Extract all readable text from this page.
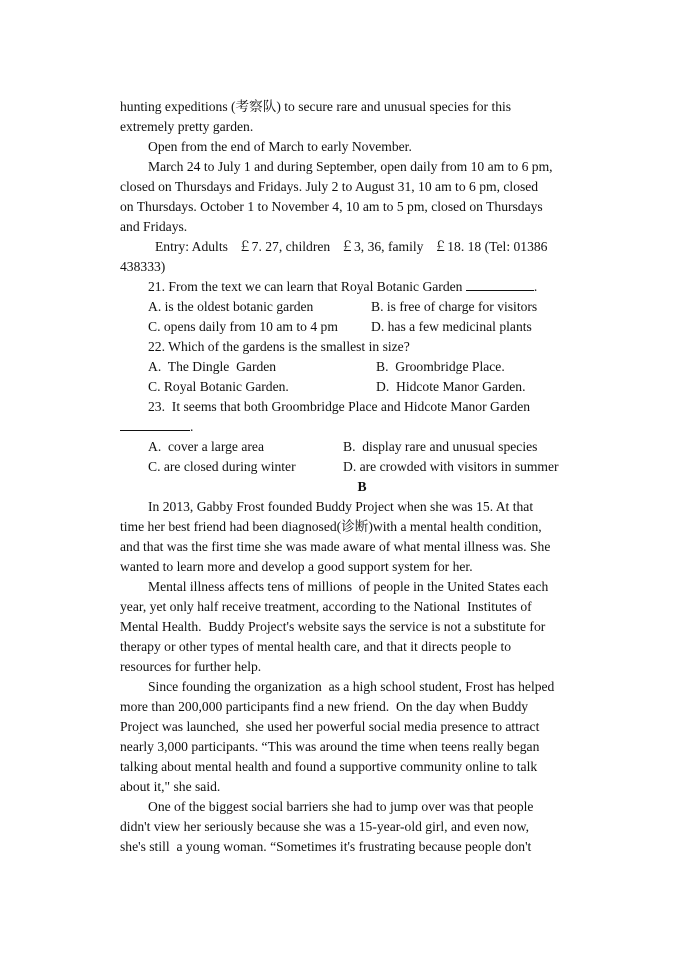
hunting expeditions (考察队) to secure rare and unusual species for this
extremely pretty garden.
Open from the end of March to early November.
March 24 to July 1 and during September, open daily from 10 am to 6 pm,
closed on Thursdays and Fridays. July 2 to August 31, 10 am to 6 pm, closed
on Thursdays. October 1 to November 4, 10 am to 5 pm, closed on Thursdays
and Fridays.
Entry: Adults   ￡7. 27, children   ￡3, 36, family   ￡18. 18 (Tel: 01386
438333)
21. From the text we can learn that Royal Botanic Garden	.
A. is the oldest botanic garden	B. is free of charge for visitors
C. opens daily from 10 am to 4 pm D. has a few medicinal plants
22. Which of the gardens is the smallest in size?
A.  The Dingle  Garden	B.  Groombridge Place.
C. Royal Botanic Garden.	D.  Hidcote Manor Garden.
23.  It seems that both Groombridge Place and Hidcote Manor Garden
.
A.  cover a large area	B.  display rare and unusual species
C. are closed during winter	D. are crowded with visitors in summer
B
In 2013, Gabby Frost founded Buddy Project when she was 15. At that
time her best friend had been diagnosed(诊断)with a mental health condition,
and that was the first time she was made aware of what mental illness was. She
wanted to learn more and develop a good support system for her.
Mental illness affects tens of millions  of people in the United States each
year, yet only half receive treatment, according to the National  Institutes of
Mental Health.  Buddy Project's website says the service is not a substitute for
therapy or other types of mental health care, and that it directs people to
resources for further help.
Since founding the organization  as a high school student, Frost has helped
more than 200,000 participants find a new friend.  On the day when Buddy
Project was launched,  she used her powerful social media presence to attract
nearly 3,000 participants. “This was around the time when teens really began
talking about mental health and found a supportive community online to talk
about it," she said.
One of the biggest social barriers she had to jump over was that people
didn't view her seriously because she was a 15-year-old girl, and even now,
she's still  a young woman. “Sometimes it's frustrating because people don't
